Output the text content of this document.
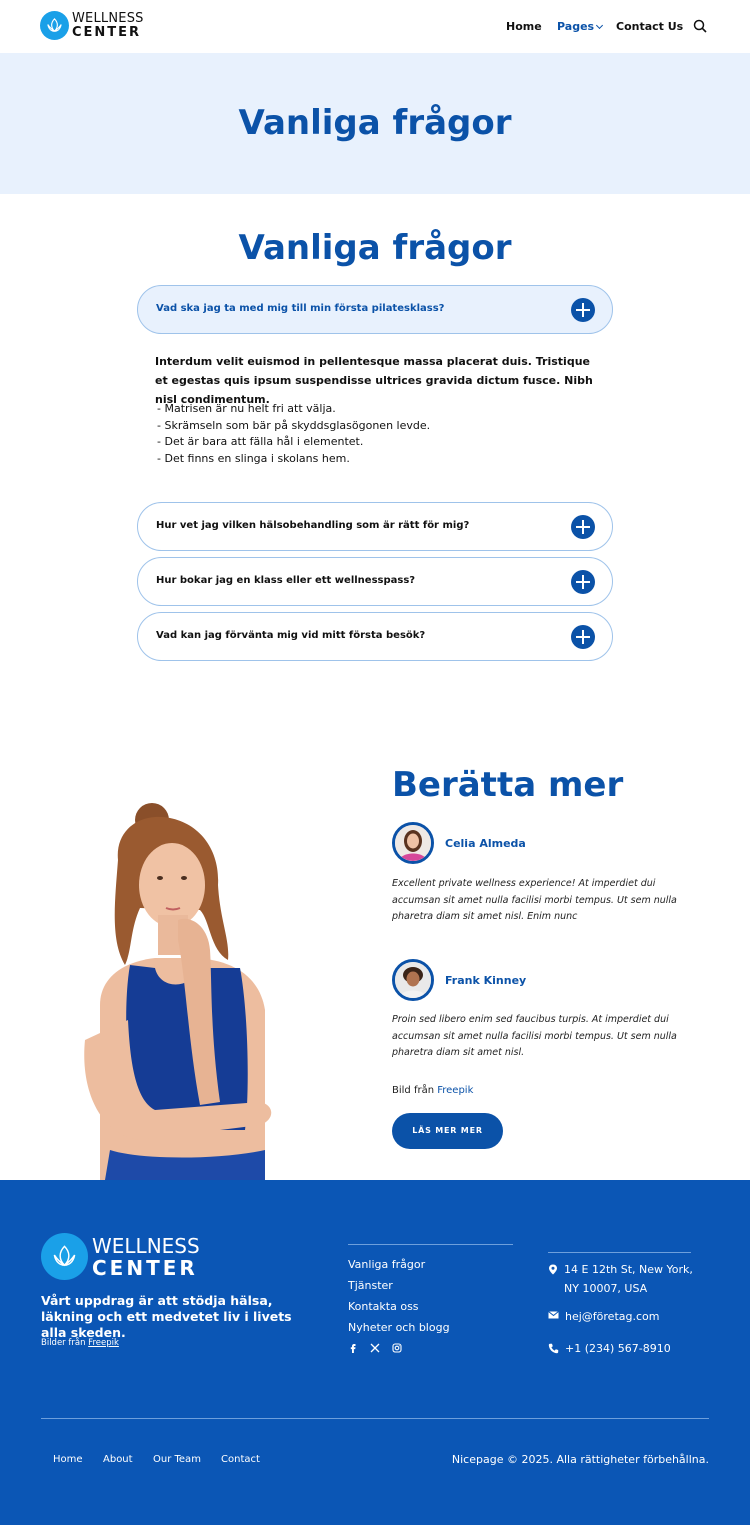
WELLNESS
CENTER	Home Pages	Contact Us
Vanliga frågor
Vanliga frågor
Vad ska jag ta med mig till min första pilatesklass?

Interdum velit euismod in pellentesque massa placerat duis. Tristique et egestas quis ipsum suspendisse ultrices gravida dictum fusce. Nibh nisl condimentum.

- Matrisen är nu helt fri att välja.
- Skrämseln som bär på skyddsglasögonen levde.
- Det är bara att fälla hål i elementet.
- Det finns en slinga i skolans hem.
Hur vet jag vilken hälsobehandling som är rätt för mig?
Hur bokar jag en klass eller ett wellnesspass?
Vad kan jag förvänta mig vid mitt första besök?
Berätta mer
Celia Almeda

Excellent private wellness experience! At imperdiet dui accumsan sit amet nulla facilisi morbi tempus. Ut sem nulla pharetra diam sit amet nisl. Enim nunc

Frank Kinney

Proin sed libero enim sed faucibus turpis. At imperdiet dui accumsan sit amet nulla facilisi morbi tempus. Ut sem nulla pharetra diam sit amet nisl.

Bild från Freepik
LÄS MER MER
WELLNESS
CENTER

Vårt uppdrag är att stödja hälsa, läkning och ett medvetet liv i livets alla skeden.

Bilder från Freepik
Vanliga frågor
Tjänster
Kontakta oss
Nyheter och blogg
14 E 12th St, New York, NY 10007, USA
hej@företag.com
+1 (234) 567-8910
Home About Our Team Contact	Nicepage © 2025. Alla rättigheter förbehållna.
